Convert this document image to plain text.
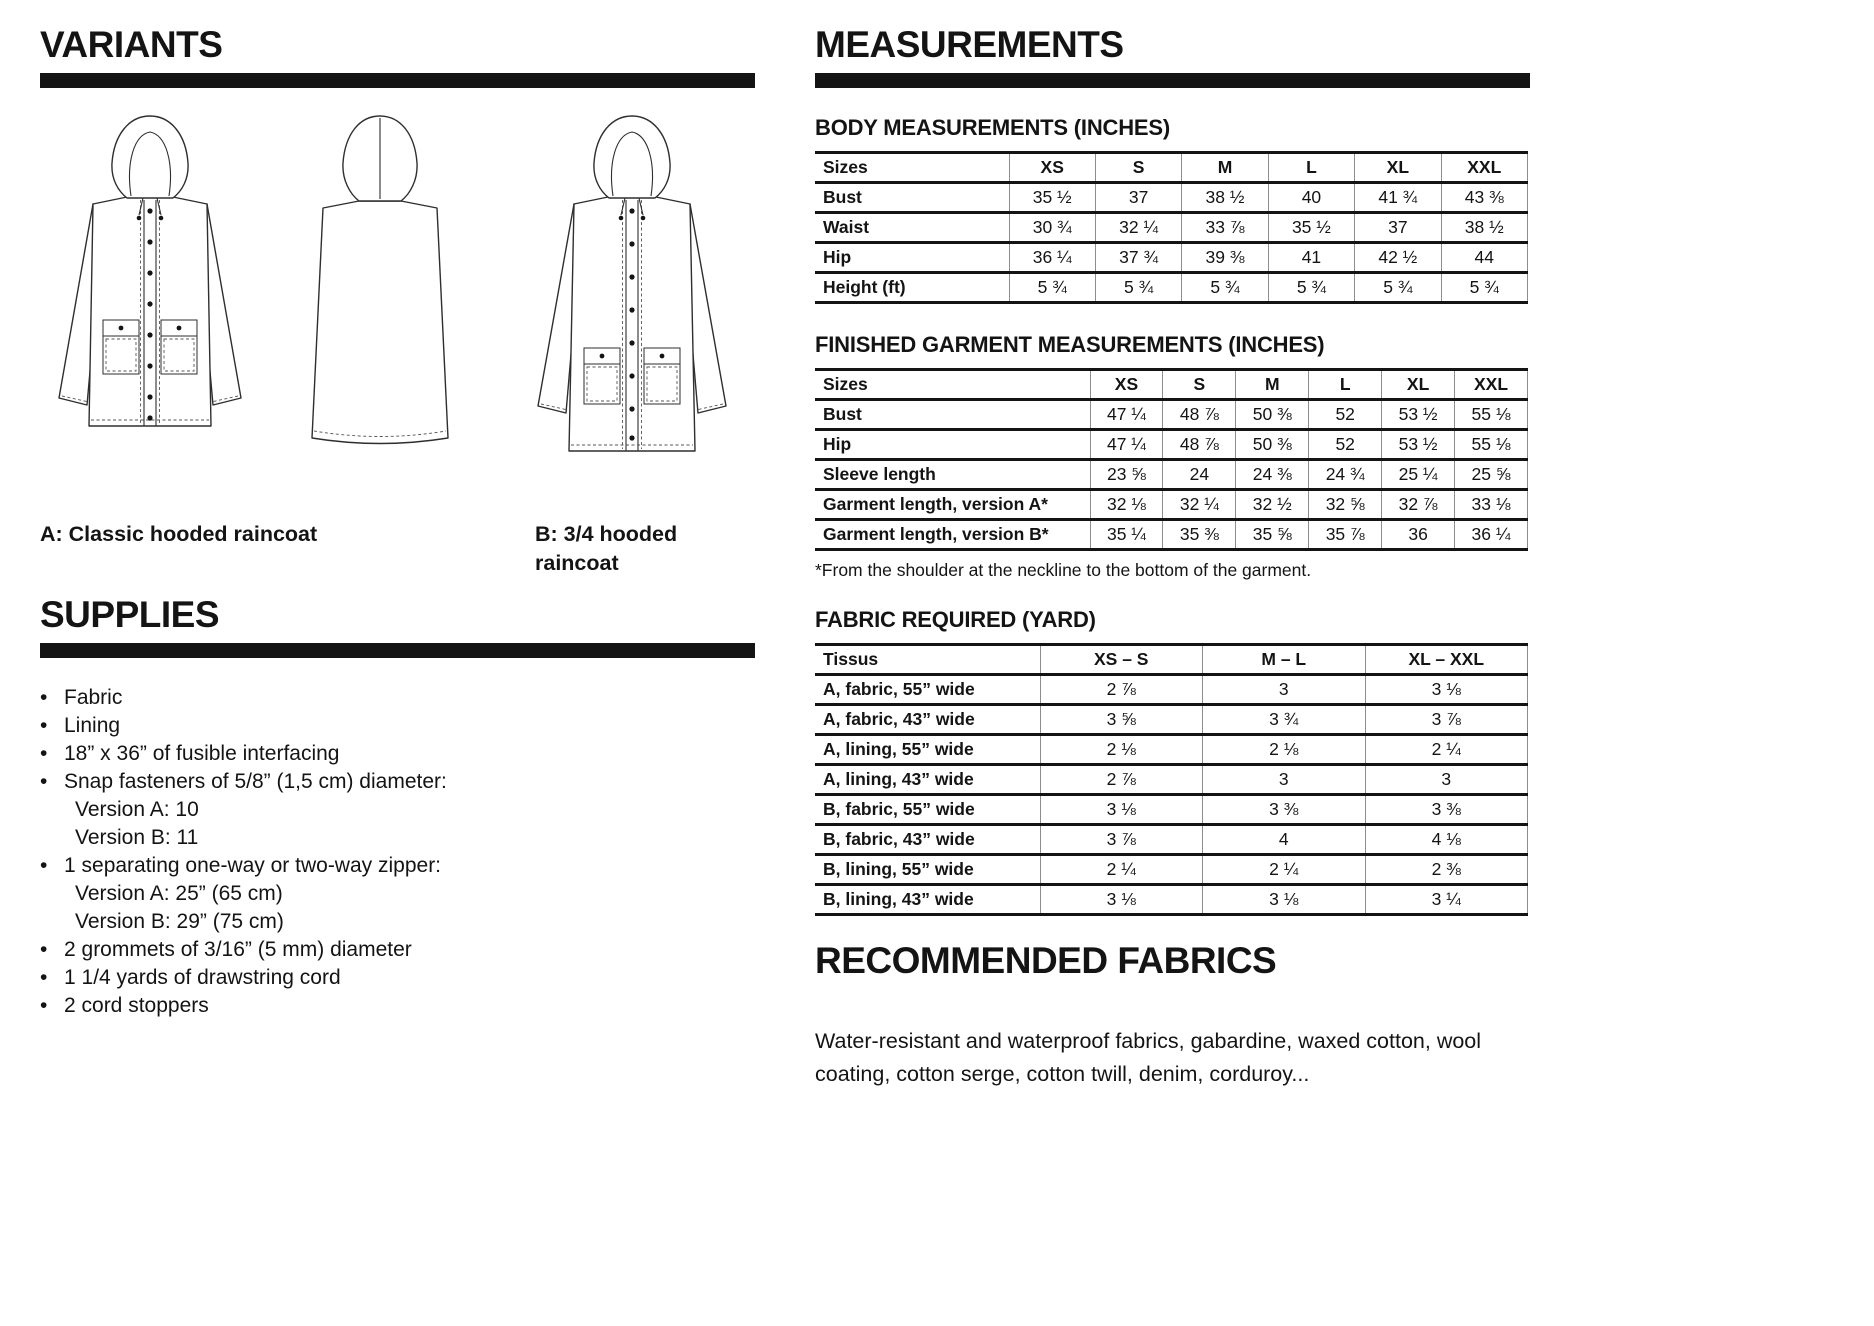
VARIANTS
A: Classic hooded raincoat	B: 3/4 hooded raincoat
SUPPLIES
• Fabric
• Lining
• 18” x 36” of fusible interfacing
• Snap fasteners of 5/8” (1,5 cm) diameter:
Version A: 10
Version B: 11
• 1 separating one-way or two-way zipper:
Version A: 25” (65 cm)
Version B: 29” (75 cm)
• 2 grommets of 3/16” (5 mm) diameter
• 1 1/4 yards of drawstring cord
• 2 cord stoppers
MEASUREMENTS
BODY MEASUREMENTS (INCHES)
Sizes	XS	S	M	L	XL	XXL
Bust	35 ½	37	38 ½	40	41 ¾	43 ⅜
Waist	30 ¾	32 ¼	33 ⅞	35 ½	37	38 ½
Hip	36 ¼	37 ¾	39 ⅜	41	42 ½	44
Height (ft)	5 ¾	5 ¾	5 ¾	5 ¾	5 ¾	5 ¾
FINISHED GARMENT MEASUREMENTS (INCHES)
Sizes	XS	S	M	L	XL	XXL
Bust	47 ¼	48 ⅞	50 ⅜	52	53 ½	55 ⅛
Hip	47 ¼	48 ⅞	50 ⅜	52	53 ½	55 ⅛
Sleeve length	23 ⅝	24	24 ⅜	24 ¾	25 ¼	25 ⅝
Garment length, version A*	32 ⅛	32 ¼	32 ½	32 ⅝	32 ⅞	33 ⅛
Garment length, version B*	35 ¼	35 ⅜	35 ⅝	35 ⅞	36	36 ¼
*From the shoulder at the neckline to the bottom of the garment.
FABRIC REQUIRED (YARD)
Tissus	XS – S	M – L	XL – XXL
A, fabric, 55” wide	2 ⅞	3	3 ⅛
A, fabric, 43” wide	3 ⅝	3 ¾	3 ⅞
A, lining, 55” wide	2 ⅛	2 ⅛	2 ¼
A, lining, 43” wide	2 ⅞	3	3
B, fabric, 55” wide	3 ⅛	3 ⅜	3 ⅜
B, fabric, 43” wide	3 ⅞	4	4 ⅛
B, lining, 55” wide	2 ¼	2 ¼	2 ⅜
B, lining, 43” wide	3 ⅛	3 ⅛	3 ¼
RECOMMENDED FABRICS

Water-resistant and waterproof fabrics, gabardine, waxed cotton, wool coating, cotton serge, cotton twill, denim, corduroy...
